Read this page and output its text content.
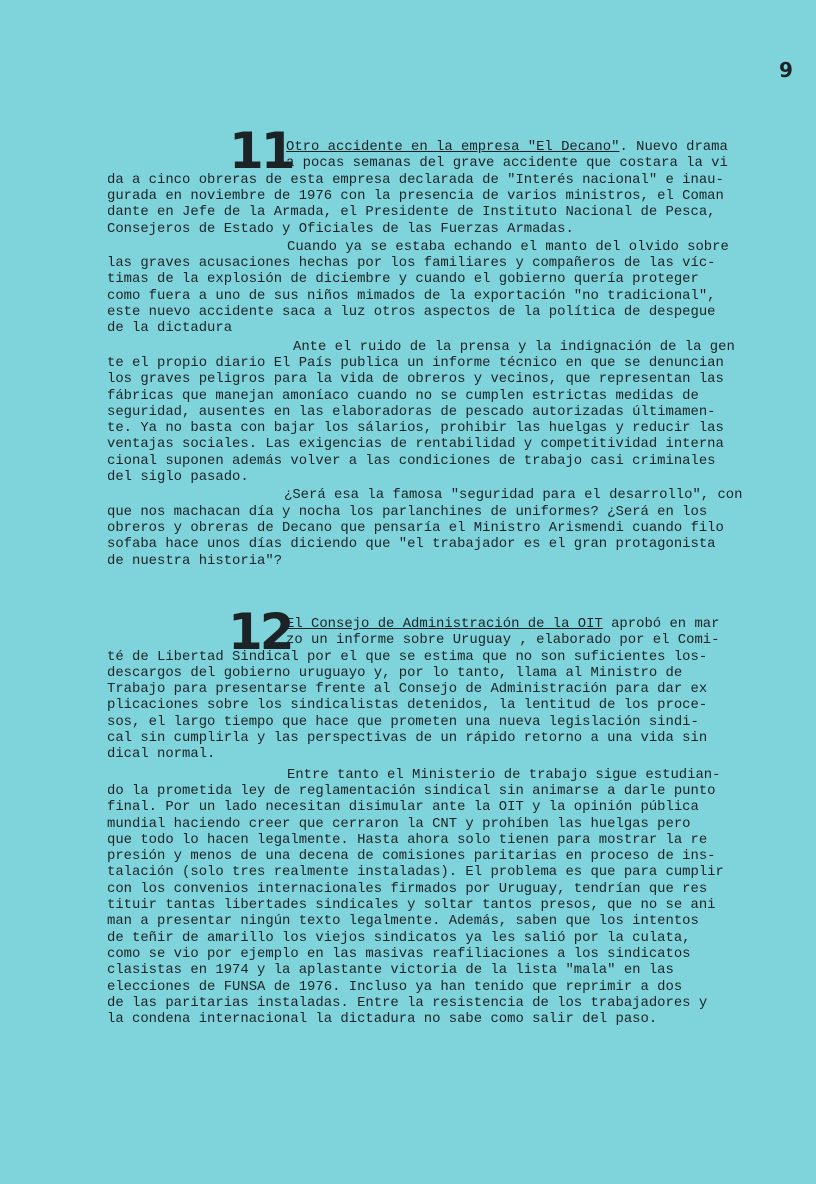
9
11
Otro accidente en la empresa "El Decano". Nuevo drama
a pocas semanas del grave accidente que costara la vi
da a cinco obreras de esta empresa declarada de "Interés nacional" e inau-
gurada en noviembre de 1976 con la presencia de varios ministros, el Coman
dante en Jefe de la Armada, el Presidente de Instituto Nacional de Pesca,
Consejeros de Estado y Oficiales de las Fuerzas Armadas.
Cuando ya se estaba echando el manto del olvido sobre
las graves acusaciones hechas por los familiares y compañeros de las víc-
timas de la explosión de diciembre y cuando el gobierno quería proteger
como fuera a uno de sus niños mimados de la exportación "no tradicional",
este nuevo accidente saca a luz otros aspectos de la política de despegue
de la dictadura
Ante el ruido de la prensa y la indignación de la gen
te el propio diario El País publica un informe técnico en que se denuncian
los graves peligros para la vida de obreros y vecinos, que representan las
fábricas que manejan amoníaco cuando no se cumplen estrictas medidas de
seguridad, ausentes en las elaboradoras de pescado autorizadas últimamen-
te. Ya no basta con bajar los sálarios, prohibir las huelgas y reducir las
ventajas sociales. Las exigencias de rentabilidad y competitividad interna
cional suponen además volver a las condiciones de trabajo casi criminales
del siglo pasado.
¿Será esa la famosa "seguridad para el desarrollo", con
que nos machacan día y nocha los parlanchines de uniformes? ¿Será en los
obreros y obreras de Decano que pensaría el Ministro Arismendi cuando filo
sofaba hace unos días diciendo que "el trabajador es el gran protagonista
de nuestra historia"?
12
El Consejo de Administración de la OIT aprobó en mar
zo un informe sobre Uruguay , elaborado por el Comi-
té de Libertad Sindical por el que se estima que no son suficientes los-
descargos del gobierno uruguayo y, por lo tanto, llama al Ministro de
Trabajo para presentarse frente al Consejo de Administración para dar ex
plicaciones sobre los sindicalistas detenidos, la lentitud de los proce-
sos, el largo tiempo que hace que prometen una nueva legislación sindi-
cal sin cumplirla y las perspectivas de un rápido retorno a una vida sin
dical normal.
Entre tanto el Ministerio de trabajo sigue estudian-
do la prometida ley de reglamentación sindical sin animarse a darle punto
final. Por un lado necesitan disimular ante la OIT y la opinión pública
mundial haciendo creer que cerraron la CNT y prohíben las huelgas pero
que todo lo hacen legalmente. Hasta ahora solo tienen para mostrar la re
presión y menos de una decena de comisiones paritarias en proceso de ins-
talación (solo tres realmente instaladas). El problema es que para cumplir
con los convenios internacionales firmados por Uruguay, tendrían que res
tituir tantas libertades sindicales y soltar tantos presos, que no se ani
man a presentar ningún texto legalmente. Además, saben que los intentos
de teñir de amarillo los viejos sindicatos ya les salió por la culata,
como se vio por ejemplo en las masivas reafiliaciones a los sindicatos
clasistas en 1974 y la aplastante victoria de la lista "mala" en las
elecciones de FUNSA de 1976. Incluso ya han tenido que reprimir a dos
de las paritarias instaladas. Entre la resistencia de los trabajadores y
la condena internacional la dictadura no sabe como salir del paso.
